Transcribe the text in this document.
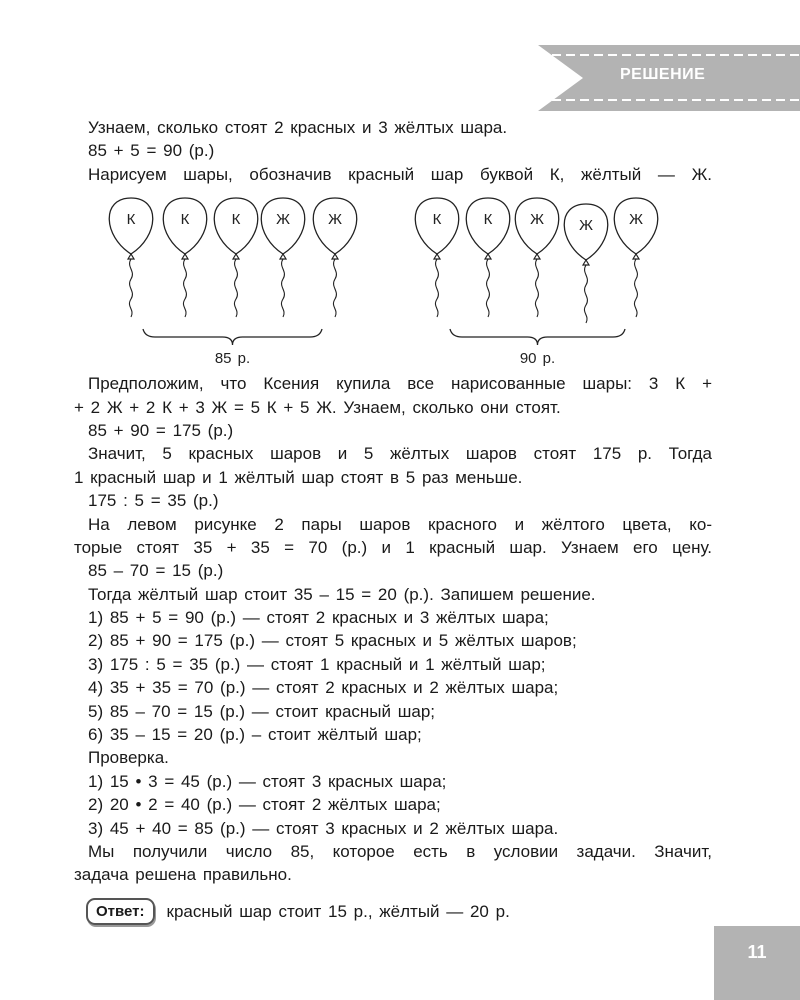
РЕШЕНИЕ
Узнаем, сколько стоят 2 красных и 3 жёлтых шара.
85 + 5 = 90 (р.)
Нарисуем шары, обозначив красный шар буквой К, жёлтый — Ж.
К	К	К Ж	Ж
85 р.
К	К	Ж Ж Ж
90 р.
Предположим, что Ксения купила все нарисованные шары: 3 К +
+ 2 Ж + 2 К + 3 Ж = 5 К + 5 Ж. Узнаем, сколько они стоят.
85 + 90 = 175 (р.)
Значит, 5 красных шаров и 5 жёлтых шаров стоят 175 р. Тогда
1 красный шар и 1 жёлтый шар стоят в 5 раз меньше.
175 : 5 = 35 (р.)
На левом рисунке 2 пары шаров красного и жёлтого цвета, ко-
торые стоят 35 + 35 = 70 (р.) и 1 красный шар. Узнаем его цену.
85 – 70 = 15 (р.)
Тогда жёлтый шар стоит 35 – 15 = 20 (р.). Запишем решение.
1) 85 + 5 = 90 (р.) — стоят 2 красных и 3 жёлтых шара;
2) 85 + 90 = 175 (р.) — стоят 5 красных и 5 жёлтых шаров;
3) 175 : 5 = 35 (р.) — стоят 1 красный и 1 жёлтый шар;
4) 35 + 35 = 70 (р.) — стоят 2 красных и 2 жёлтых шара;
5) 85 – 70 = 15 (р.) — стоит красный шар;
6) 35 – 15 = 20 (р.) – стоит жёлтый шар;
Проверка.
1) 15 • 3 = 45 (р.) — стоят 3 красных шара;
2) 20 • 2 = 40 (р.) — стоят 2 жёлтых шара;
3) 45 + 40 = 85 (р.) — стоят 3 красных и 2 жёлтых шара.
Мы получили число 85, которое есть в условии задачи. Значит,
задача решена правильно.
Ответ:	красный шар стоит 15 р., жёлтый — 20 р.
11
